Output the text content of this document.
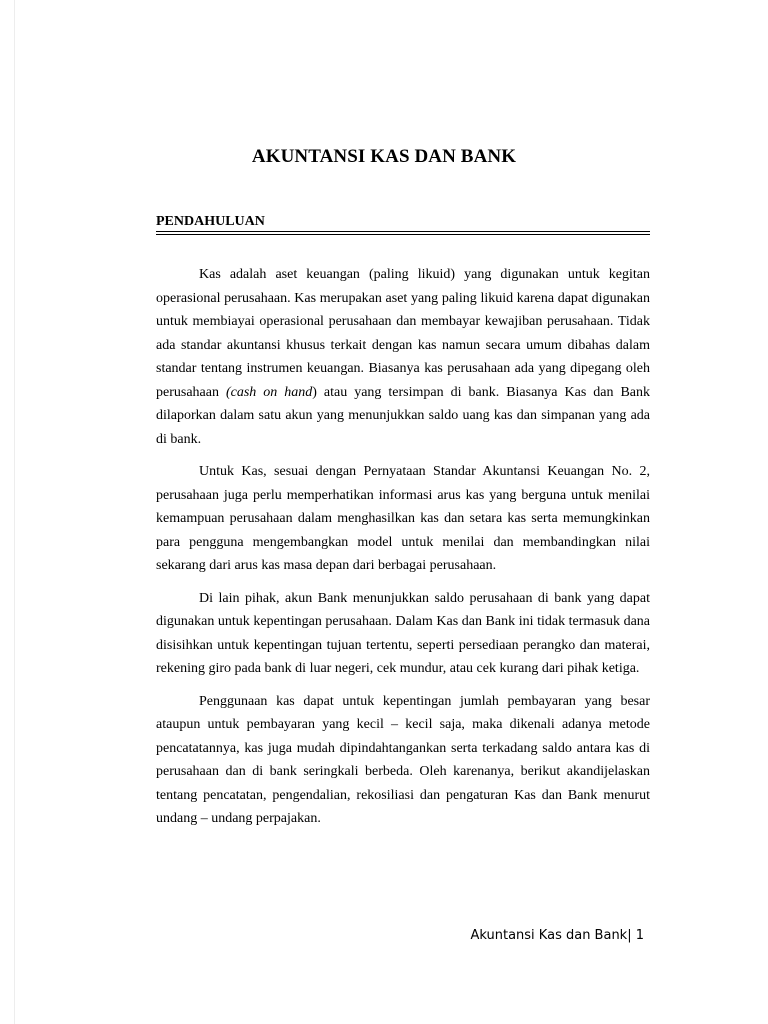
AKUNTANSI KAS DAN BANK
PENDAHULUAN

Kas adalah aset keuangan (paling likuid) yang digunakan untuk kegitan operasional perusahaan. Kas merupakan aset yang paling likuid karena dapat digunakan untuk membiayai operasional perusahaan dan membayar kewajiban perusahaan. Tidak ada standar akuntansi khusus terkait dengan kas namun secara umum dibahas dalam standar tentang instrumen keuangan. Biasanya kas perusahaan ada yang dipegang oleh perusahaan (cash on hand) atau yang tersimpan di bank. Biasanya Kas dan Bank dilaporkan dalam satu akun yang menunjukkan saldo uang kas dan simpanan yang ada di bank.

Untuk Kas, sesuai dengan Pernyataan Standar Akuntansi Keuangan No. 2, perusahaan juga perlu memperhatikan informasi arus kas yang berguna untuk menilai kemampuan perusahaan dalam menghasilkan kas dan setara kas serta memungkinkan para pengguna mengembangkan model untuk menilai dan membandingkan nilai sekarang dari arus kas masa depan dari berbagai perusahaan.

Di lain pihak, akun Bank menunjukkan saldo perusahaan di bank yang dapat digunakan untuk kepentingan perusahaan. Dalam Kas dan Bank ini tidak termasuk dana disisihkan untuk kepentingan tujuan tertentu, seperti persediaan perangko dan materai, rekening giro pada bank di luar negeri, cek mundur, atau cek kurang dari pihak ketiga.

Penggunaan kas dapat untuk kepentingan jumlah pembayaran yang besar ataupun untuk pembayaran yang kecil – kecil saja, maka dikenali adanya metode pencatatannya, kas juga mudah dipindahtangankan serta terkadang saldo antara kas di perusahaan dan di bank seringkali berbeda. Oleh karenanya, berikut akandijelaskan tentang pencatatan, pengendalian, rekosiliasi dan pengaturan Kas dan Bank menurut undang – undang perpajakan.

Akuntansi Kas dan Bank| 1
